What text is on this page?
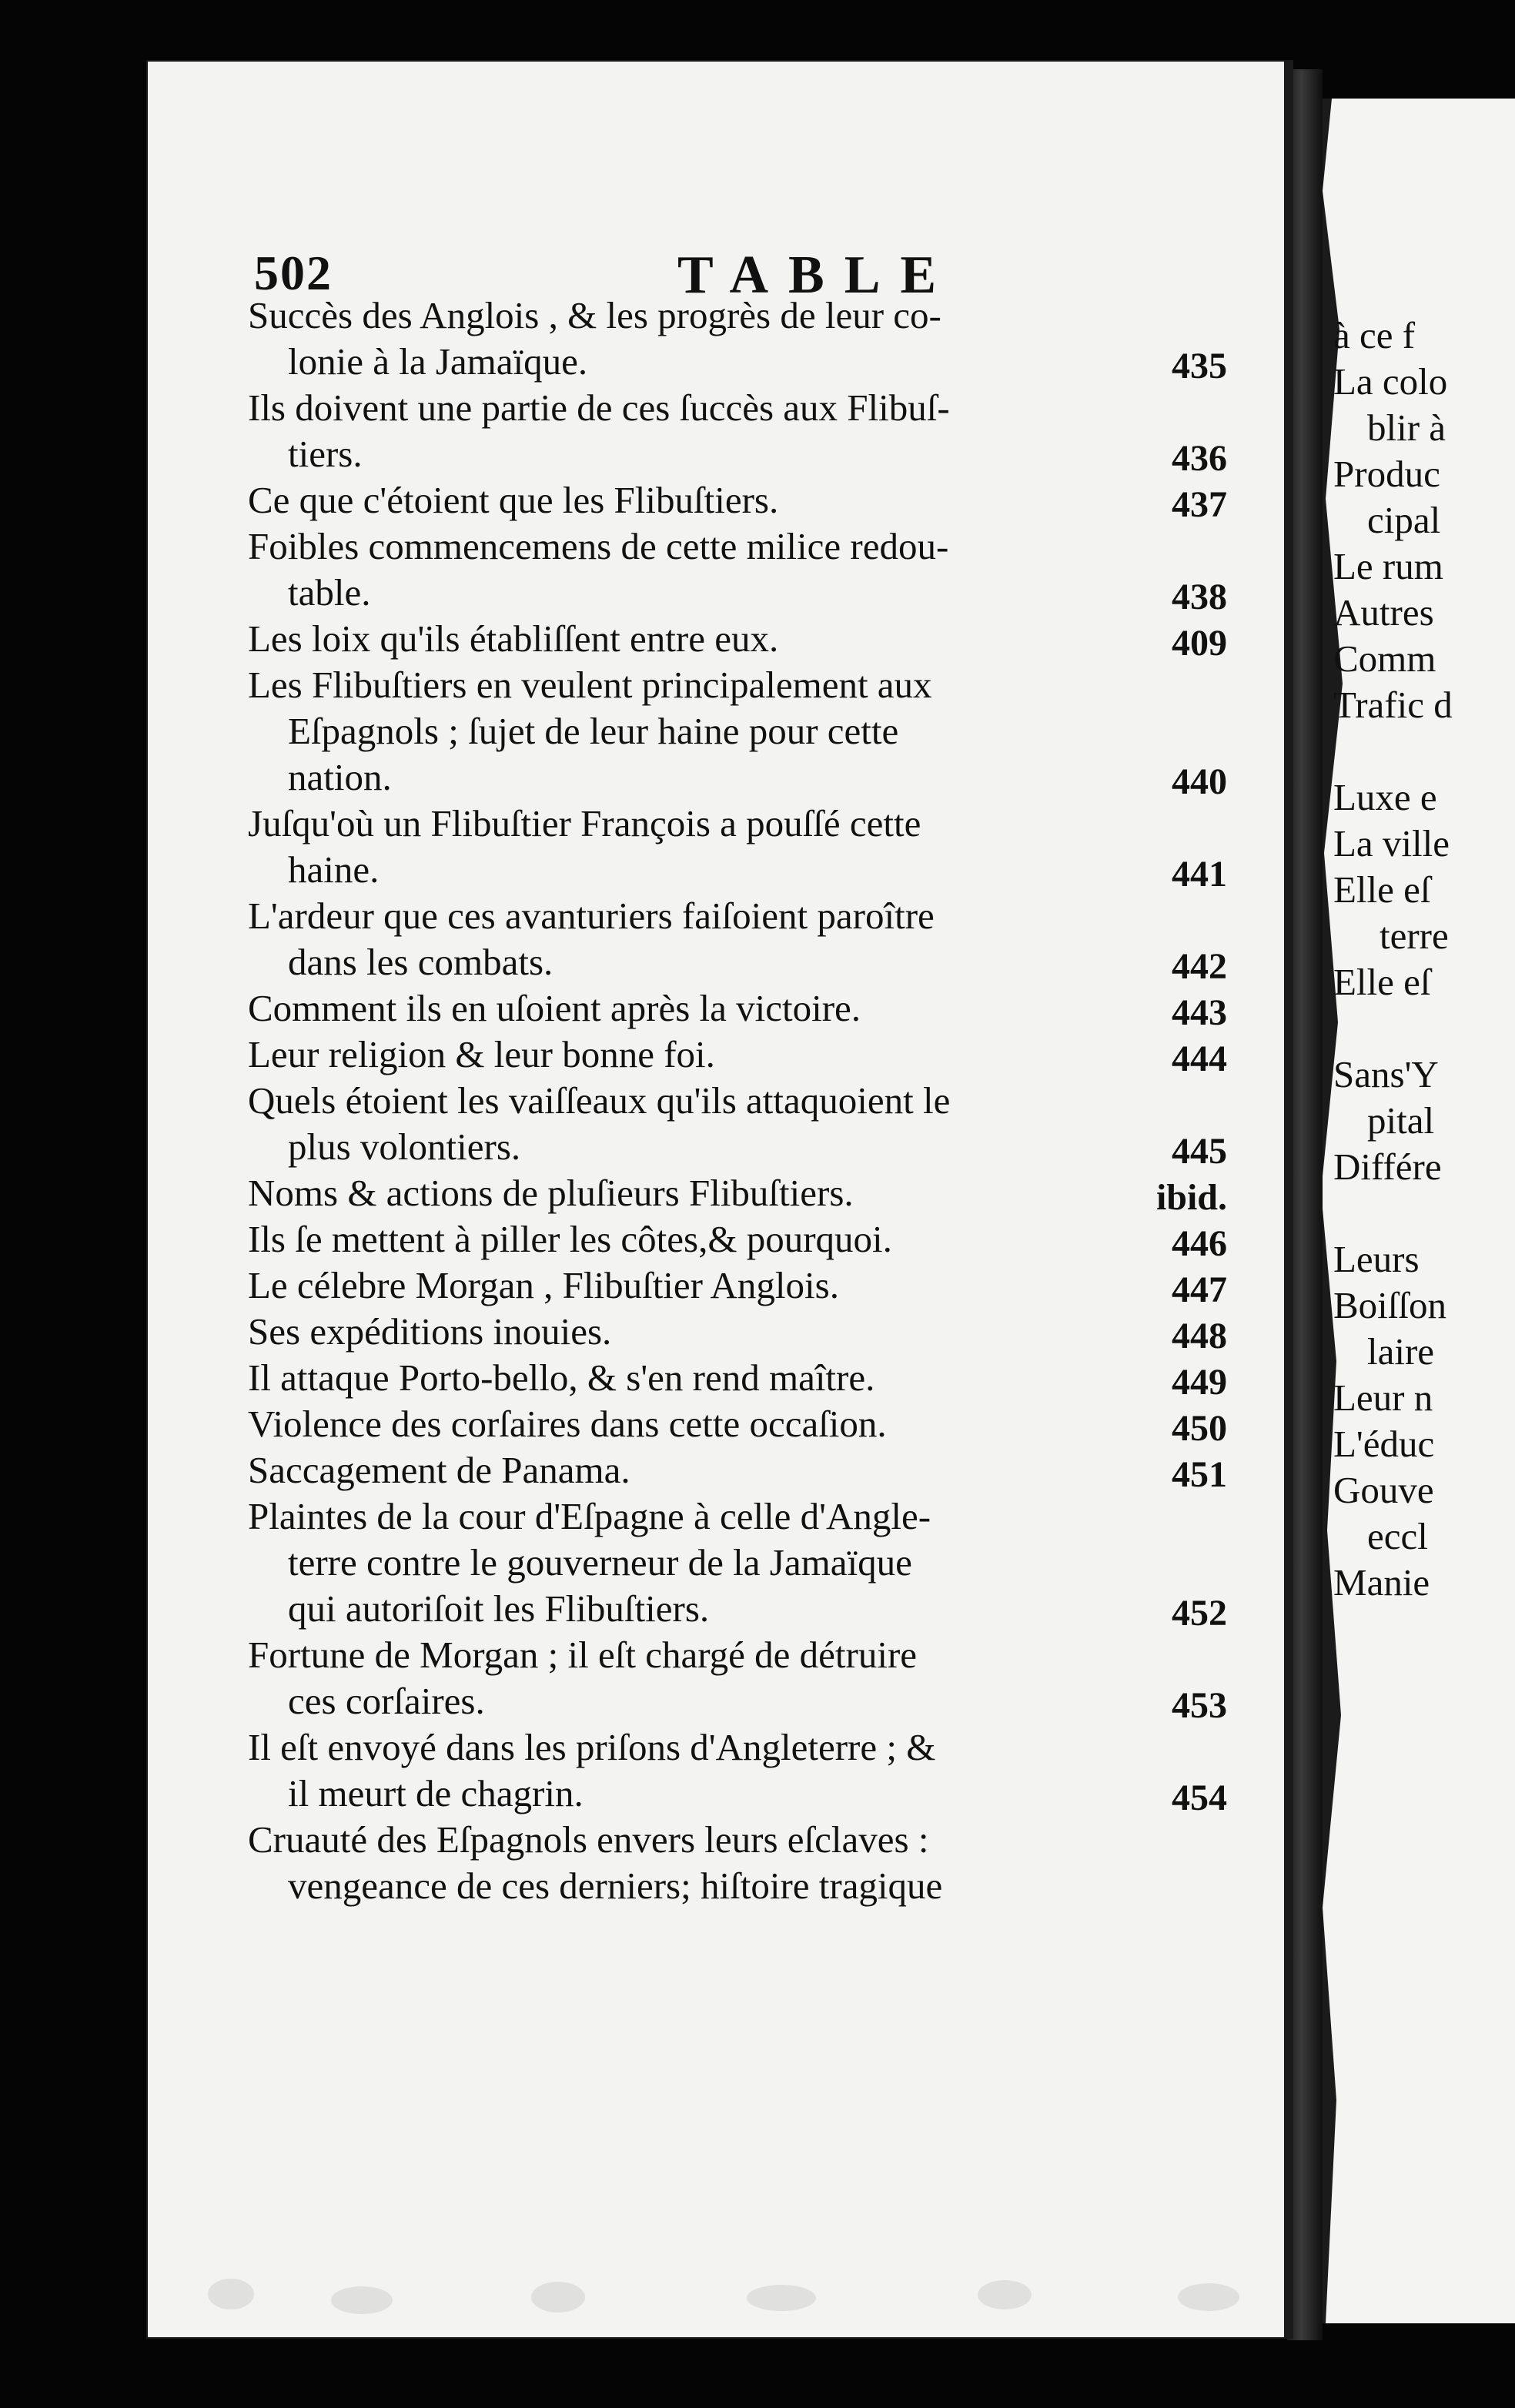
502	TABLE
Succès des Anglois , & les progrès de leur co-
lonie à la Jamaïque.	435
Ils doivent une partie de ces ſuccès aux Flibuſ-
tiers.	436
Ce que c'étoient que les Flibuſtiers.	437
Foibles commencemens de cette milice redou-
table.	438
Les loix qu'ils établiſſent entre eux.	409
Les Flibuſtiers en veulent principalement aux
Eſpagnols ; ſujet de leur haine pour cette
nation.	440
Juſqu'où un Flibuſtier François a pouſſé cette
haine.	441
L'ardeur que ces avanturiers faiſoient paroître
dans les combats.	442
Comment ils en uſoient après la victoire.	443
Leur religion & leur bonne foi.	444
Quels étoient les vaiſſeaux qu'ils attaquoient le
plus volontiers.	445
Noms & actions de pluſieurs Flibuſtiers.	ibid.
Ils ſe mettent à piller les côtes,& pourquoi.	446
Le célebre Morgan , Flibuſtier Anglois.	447
Ses expéditions inouies.	448
Il attaque Porto-bello, & s'en rend maître.	449
Violence des corſaires dans cette occaſion.	450
Saccagement de Panama.	451
Plaintes de la cour d'Eſpagne à celle d'Angle-
terre contre le gouverneur de la Jamaïque
qui autoriſoit les Flibuſtiers.	452
Fortune de Morgan ; il eſt chargé de détruire
ces corſaires.	453
Il eſt envoyé dans les priſons d'Angleterre ; &
il meurt de chagrin.	454
Cruauté des Eſpagnols envers leurs eſclaves :
vengeance de ces derniers; hiſtoire tragique
à ce f
La colo
blir à
Produc
cipal
Le rum
Autres
Comm
Trafic d
Luxe e
La ville
Elle eſ
terre
Elle eſ
Sans'Y
pital
Différe
Leurs
Boiſſon
laire
Leur n
L'éduc
Gouve
eccl
Manie
